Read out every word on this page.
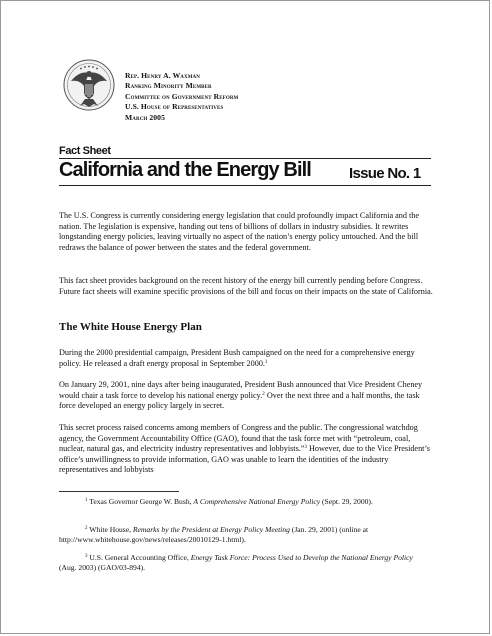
Rep. Henry A. Waxman
Ranking Minority Member
Committee on Government Reform
U.S. House of Representatives
March 2005
Fact Sheet
California and the Energy Bill	Issue No. 1

The U.S. Congress is currently considering energy legislation that could profoundly impact California and the nation. The legislation is expensive, handing out tens of billions of dollars in industry subsidies. It rewrites longstanding energy policies, leaving virtually no aspect of the nation’s energy policy untouched. And the bill redraws the balance of power between the states and the federal government.

This fact sheet provides background on the recent history of the energy bill currently pending before Congress. Future fact sheets will examine specific provisions of the bill and focus on their impacts on the state of California.

The White House Energy Plan

During the 2000 presidential campaign, President Bush campaigned on the need for a comprehensive energy policy. He released a draft energy proposal in September 2000.$^1$

On January 29, 2001, nine days after being inaugurated, President Bush announced that Vice President Cheney would chair a task force to develop his national energy policy.$^2$ Over the next three and a half months, the task force developed an energy policy largely in secret.

This secret process raised concerns among members of Congress and the public. The congressional watchdog agency, the Government Accountability Office (GAO), found that the task force met with “petroleum, coal, nuclear, natural gas, and electricity industry representatives and lobbyists.”$^3$ However, due to the Vice President’s office’s unwillingness to provide information, GAO was unable to learn the identities of the industry representatives and lobbyists

$^1$ Texas Governor George W. Bush, A Comprehensive National Energy Policy (Sept. 29, 2000).

$^2$ White House, Remarks by the President at Energy Policy Meeting (Jan. 29, 2001) (online at http://www.whitehouse.gov/news/releases/20010129-1.html).

$^3$ U.S. General Accounting Office, Energy Task Force: Process Used to Develop the National Energy Policy (Aug. 2003) (GAO/03-894).
